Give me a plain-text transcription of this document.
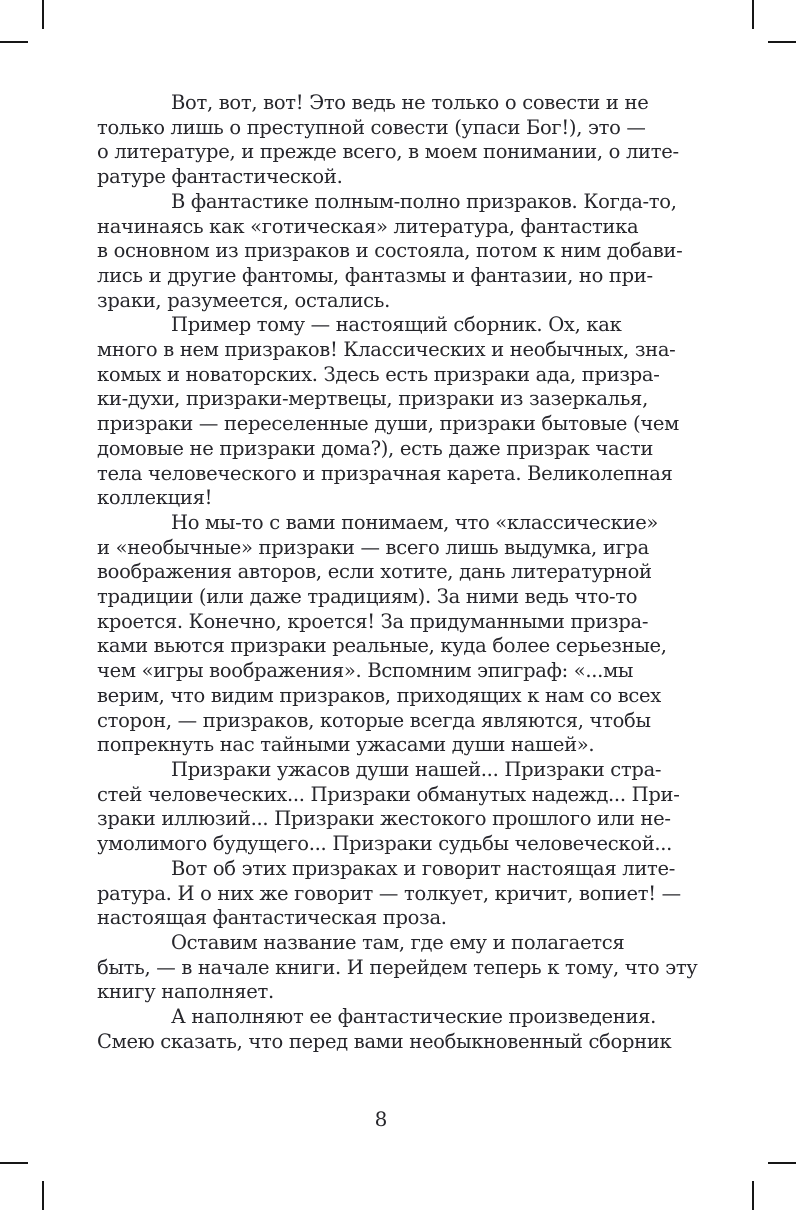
Вот, вот, вот! Это ведь не только о совести и не
только лишь о преступной совести (упаси Бог!), это —
о литературе, и прежде всего, в моем понимании, о лите-
ратуре фантастической.

В фантастике полным-полно призраков. Когда-то,
начинаясь как «готическая» литература, фантастика
в основном из призраков и состояла, потом к ним добави-
лись и другие фантомы, фантазмы и фантазии, но при-
зраки, разумеется, остались.

Пример тому — настоящий сборник. Ох, как
много в нем призраков! Классических и необычных, зна-
комых и новаторских. Здесь есть призраки ада, призра-
ки-духи, призраки-мертвецы, призраки из зазеркалья,
призраки — переселенные души, призраки бытовые (чем
домовые не призраки дома?), есть даже призрак части
тела человеческого и призрачная карета. Великолепная
коллекция!

Но мы-то с вами понимаем, что «классические»
и «необычные» призраки — всего лишь выдумка, игра
воображения авторов, если хотите, дань литературной
традиции (или даже традициям). За ними ведь что-то
кроется. Конечно, кроется! За придуманными призра-
ками вьются призраки реальные, куда более серьезные,
чем «игры воображения». Вспомним эпиграф: «...мы
верим, что видим призраков, приходящих к нам со всех
сторон, — призраков, которые всегда являются, чтобы
попрекнуть нас тайными ужасами души нашей».

Призраки ужасов души нашей... Призраки стра-
стей человеческих... Призраки обманутых надежд... При-
зраки иллюзий... Призраки жестокого прошлого или не-
умолимого будущего... Призраки судьбы человеческой...

Вот об этих призраках и говорит настоящая лите-
ратура. И о них же говорит — толкует, кричит, вопиет! —
настоящая фантастическая проза.

Оставим название там, где ему и полагается
быть, — в начале книги. И перейдем теперь к тому, что эту
книгу наполняет.

А наполняют ее фантастические произведения.
Смею сказать, что перед вами необыкновенный сборник

8
